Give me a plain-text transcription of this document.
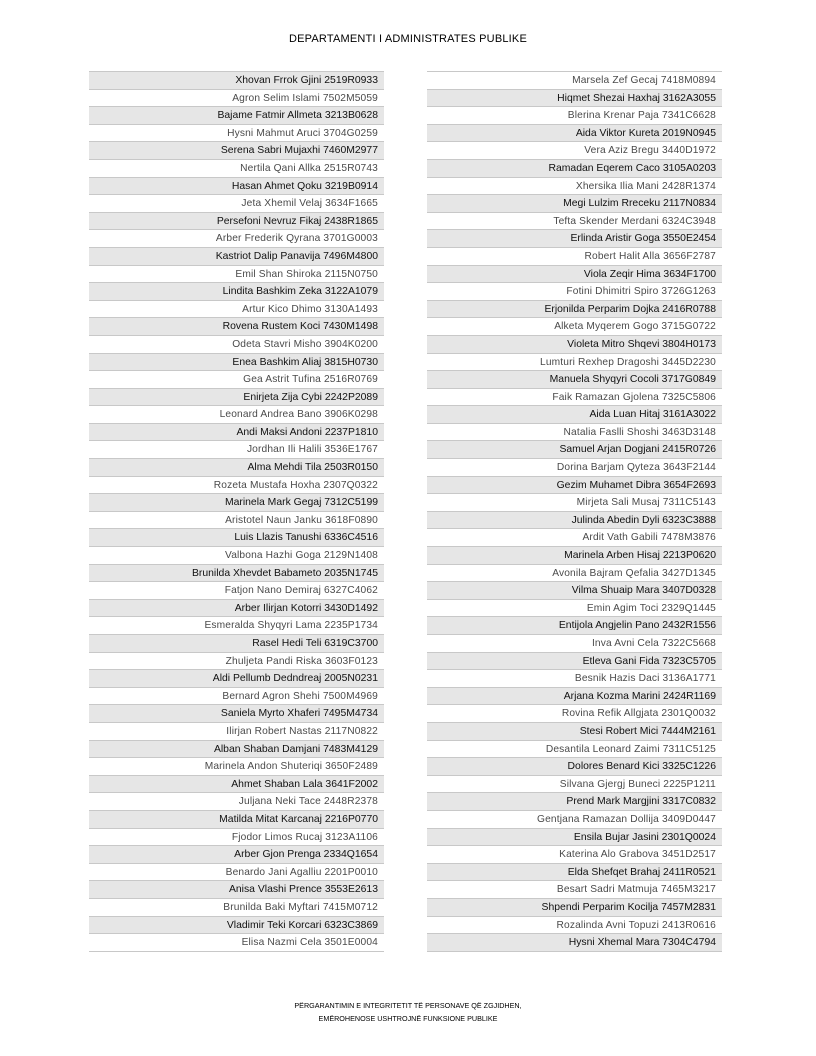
DEPARTAMENTI I ADMINISTRATES PUBLIKE
Xhovan Frrok Gjini 2519R0933
Agron Selim Islami 7502M5059
Bajame Fatmir Allmeta 3213B0628
Hysni Mahmut Aruci 3704G0259
Serena Sabri Mujaxhi 7460M2977
Nertila Qani Allka 2515R0743
Hasan Ahmet Qoku 3219B0914
Jeta Xhemil Velaj 3634F1665
Persefoni Nevruz Fikaj 2438R1865
Arber Frederik Qyrana 3701G0003
Kastriot Dalip Panavija 7496M4800
Emil Shan Shiroka 2115N0750
Lindita Bashkim Zeka 3122A1079
Artur Kico Dhimo 3130A1493
Rovena Rustem Koci 7430M1498
Odeta Stavri Misho 3904K0200
Enea Bashkim Aliaj 3815H0730
Gea Astrit Tufina 2516R0769
Enirjeta Zija Cybi 2242P2089
Leonard Andrea Bano 3906K0298
Andi Maksi Andoni 2237P1810
Jordhan Ili Halili 3536E1767
Alma Mehdi Tila 2503R0150
Rozeta Mustafa Hoxha 2307Q0322
Marinela Mark Gegaj 7312C5199
Aristotel Naun Janku 3618F0890
Luis Llazis Tanushi 6336C4516
Valbona Hazhi Goga 2129N1408
Brunilda Xhevdet Babameto 2035N1745
Fatjon Nano Demiraj 6327C4062
Arber Ilirjan Kotorri 3430D1492
Esmeralda Shyqyri Lama 2235P1734
Rasel Hedi Teli 6319C3700
Zhuljeta Pandi Riska 3603F0123
Aldi Pellumb Dedndreaj 2005N0231
Bernard Agron Shehi 7500M4969
Saniela Myrto Xhaferi 7495M4734
Ilirjan Robert Nastas 2117N0822
Alban Shaban Damjani 7483M4129
Marinela Andon Shuteriqi 3650F2489
Ahmet Shaban Lala 3641F2002
Juljana Neki Tace 2448R2378
Matilda Mitat Karcanaj 2216P0770
Fjodor Limos Rucaj 3123A1106
Arber Gjon Prenga 2334Q1654
Benardo Jani Agalliu 2201P0010
Anisa Vlashi Prence 3553E2613
Brunilda Baki Myftari 7415M0712
Vladimir Teki Korcari 6323C3869
Elisa Nazmi Cela 3501E0004
Marsela Zef Gecaj 7418M0894
Hiqmet Shezai Haxhaj 3162A3055
Blerina Krenar Paja 7341C6628
Aida Viktor Kureta 2019N0945
Vera Aziz Bregu 3440D1972
Ramadan Eqerem Caco 3105A0203
Xhersika Ilia Mani 2428R1374
Megi Lulzim Rreceku 2117N0834
Tefta Skender Merdani 6324C3948
Erlinda Aristir Goga 3550E2454
Robert Halit Alla 3656F2787
Viola Zeqir Hima 3634F1700
Fotini Dhimitri Spiro 3726G1263
Erjonilda Perparim Dojka 2416R0788
Alketa Myqerem Gogo 3715G0722
Violeta Mitro Shqevi 3804H0173
Lumturi Rexhep Dragoshi 3445D2230
Manuela Shyqyri Cocoli 3717G0849
Faik Ramazan Gjolena 7325C5806
Aida Luan Hitaj 3161A3022
Natalia Faslli Shoshi 3463D3148
Samuel Arjan Dogjani 2415R0726
Dorina Barjam Qyteza 3643F2144
Gezim Muhamet Dibra 3654F2693
Mirjeta Sali Musaj 7311C5143
Julinda Abedin Dyli 6323C3888
Ardit Vath Gabili 7478M3876
Marinela Arben Hisaj 2213P0620
Avonila Bajram Qefalia 3427D1345
Vilma Shuaip Mara 3407D0328
Emin Agim Toci 2329Q1445
Entijola Angjelin Pano 2432R1556
Inva Avni Cela 7322C5668
Etleva Gani Fida 7323C5705
Besnik Hazis Daci 3136A1771
Arjana Kozma Marini 2424R1169
Rovina Refik Allgjata 2301Q0032
Stesi Robert Mici 7444M2161
Desantila Leonard Zaimi 7311C5125
Dolores Benard Kici 3325C1226
Silvana Gjergj Buneci 2225P1211
Prend Mark Margjini 3317C0832
Gentjana Ramazan Dollija 3409D0447
Ensila Bujar Jasini 2301Q0024
Katerina Alo Grabova 3451D2517
Elda Shefqet Brahaj 2411R0521
Besart Sadri Matmuja 7465M3217
Shpendi Perparim Kocilja 7457M2831
Rozalinda Avni Topuzi 2413R0616
Hysni Xhemal Mara 7304C4794
PËRGARANTIMIN E INTEGRITETIT TË PERSONAVE QË ZGJIDHEN,
EMËROHENOSE USHTROJNË FUNKSIONE PUBLIKE
